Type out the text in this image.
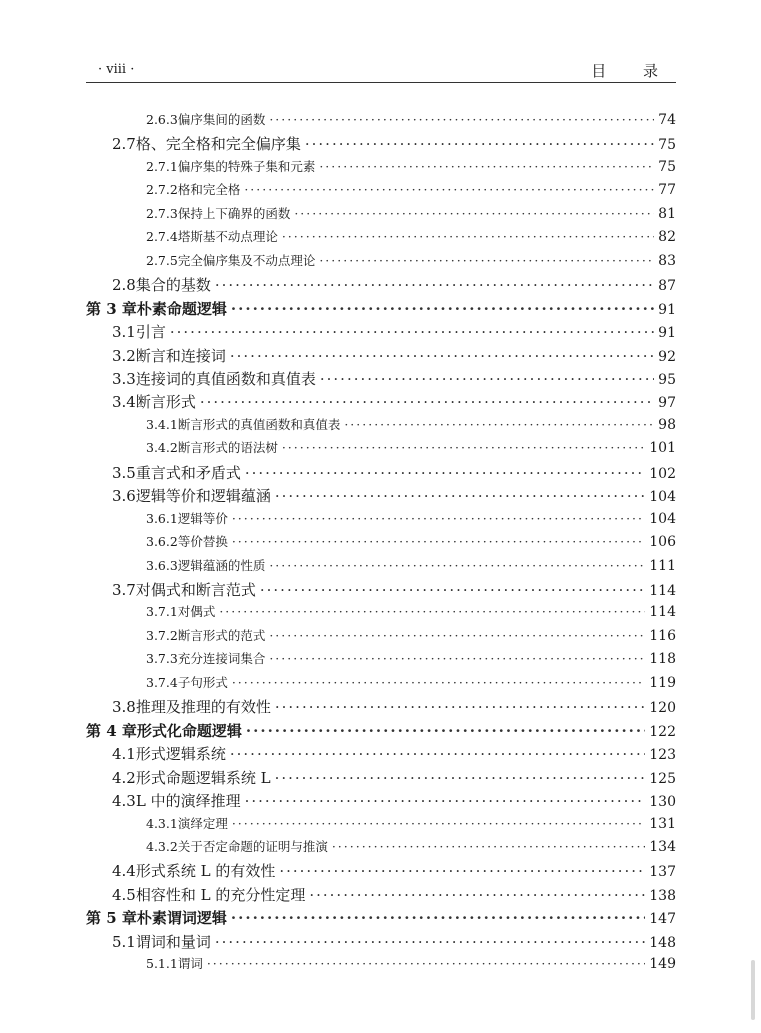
· viii ·	目 录
2.6.3 偏序集间的函数 ·····	74
2.7 格、完全格和完全偏序集 ·····	75
2.7.1 偏序集的特殊子集和元素 ·····	75
2.7.2 格和完全格 ·····	77
2.7.3 保持上下确界的函数 ·····	81
2.7.4 塔斯基不动点理论 ·····	82
2.7.5 完全偏序集及不动点理论 ·····	83
2.8 集合的基数 ·····	87
第 3 章 朴素命题逻辑 ·····	91
3.1 引言 ·····	91
3.2 断言和连接词 ·····	92
3.3 连接词的真值函数和真值表 ·····	95
3.4 断言形式 ·····	97
3.4.1 断言形式的真值函数和真值表 ·····	98
3.4.2 断言形式的语法树 ·····	101
3.5 重言式和矛盾式 ·····	102
3.6 逻辑等价和逻辑蕴涵 ·····	104
3.6.1 逻辑等价 ·····	104
3.6.2 等价替换 ·····	106
3.6.3 逻辑蕴涵的性质 ·····	111
3.7 对偶式和断言范式 ·····	114
3.7.1 对偶式 ·····	114
3.7.2 断言形式的范式 ·····	116
3.7.3 充分连接词集合 ·····	118
3.7.4 子句形式 ·····	119
3.8 推理及推理的有效性 ·····	120
第 4 章 形式化命题逻辑 ·····	122
4.1 形式逻辑系统 ·····	123
4.2 形式命题逻辑系统 L ·····	125
4.3 L 中的演绎推理 ·····	130
4.3.1 演绎定理 ·····	131
4.3.2 关于否定命题的证明与推演 ·····	134
4.4 形式系统 L 的有效性 ·····	137
4.5 相容性和 L 的充分性定理 ·····	138
第 5 章 朴素谓词逻辑 ·····	147
5.1 谓词和量词 ·····	148
5.1.1 谓词 ·····	149
